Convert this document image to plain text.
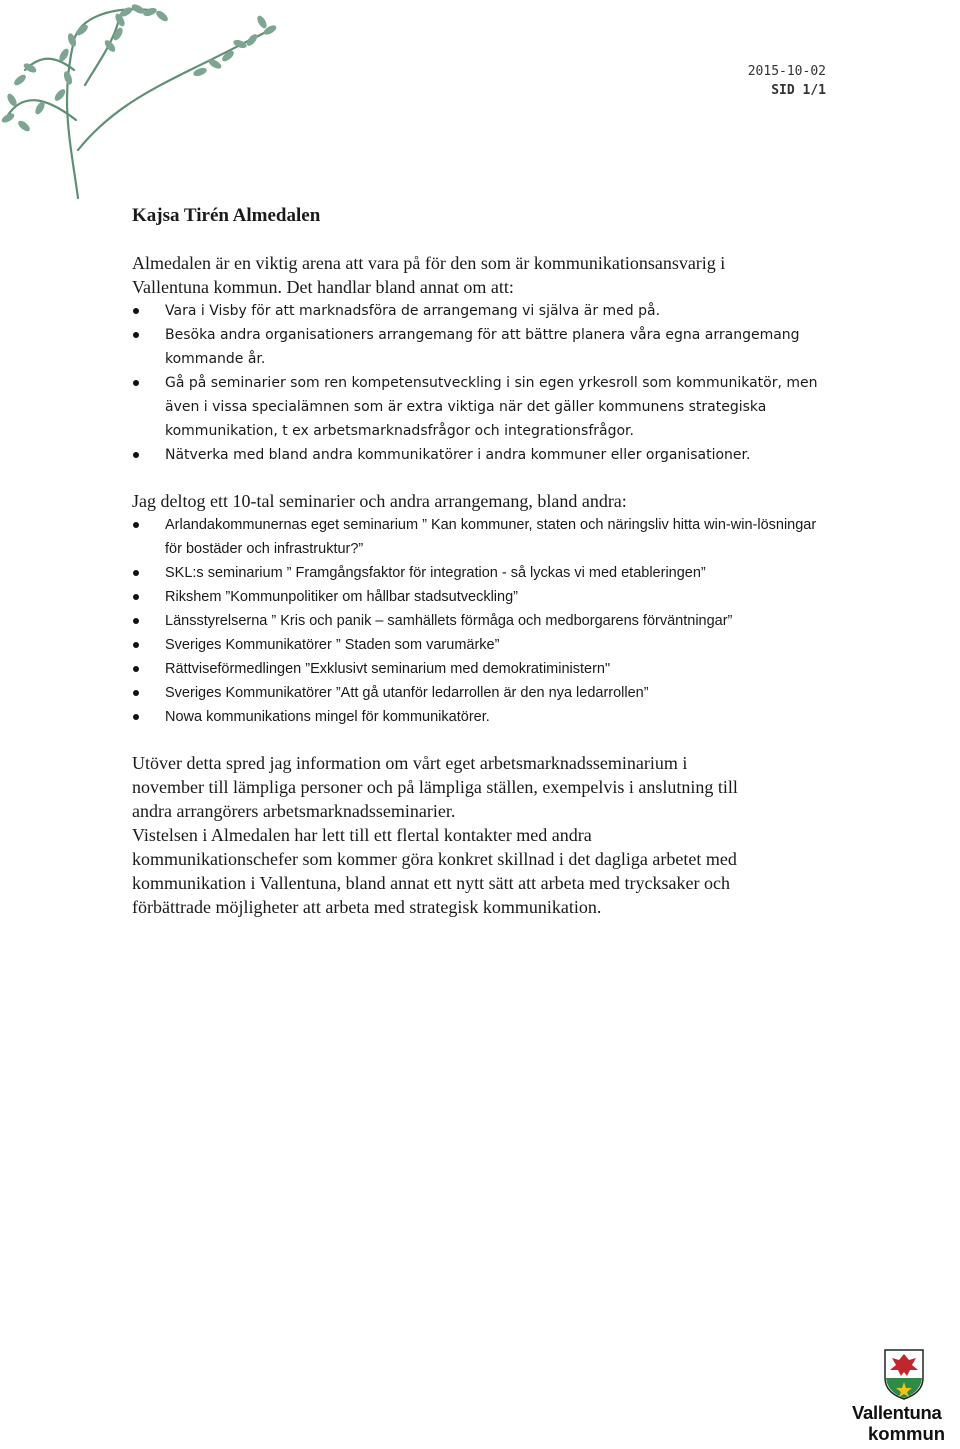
2015-10-02
SID 1/1
Kajsa Tirén Almedalen

Almedalen är en viktig arena att vara på för den som är kommunikationsansvarig i
Vallentuna kommun. Det handlar bland annat om att:

Vara i Visby för att marknadsföra de arrangemang vi själva är med på.
Besöka andra organisationers arrangemang för att bättre planera våra egna arrangemang kommande år.
Gå på seminarier som ren kompetensutveckling i sin egen yrkesroll som kommunikatör, men även i vissa specialämnen som är extra viktiga när det gäller kommunens strategiska kommunikation, t ex arbetsmarknadsfrågor och integrationsfrågor.
Nätverka med bland andra kommunikatörer i andra kommuner eller organisationer.

Jag deltog ett 10-tal seminarier och andra arrangemang, bland andra:

Arlandakommunernas eget seminarium ” Kan kommuner, staten och näringsliv hitta win-win-lösningar för bostäder och infrastruktur?”
SKL:s seminarium ” Framgångsfaktor för integration - så lyckas vi med etableringen”
Rikshem ”Kommunpolitiker om hållbar stadsutveckling”
Länsstyrelserna ” Kris och panik – samhällets förmåga och medborgarens förväntningar”
Sveriges Kommunikatörer ” Staden som varumärke”
Rättviseförmedlingen ”Exklusivt seminarium med demokratiministern"
Sveriges Kommunikatörer ”Att gå utanför ledarrollen är den nya ledarrollen”
Nowa kommunikations mingel för kommunikatörer.

Utöver detta spred jag information om vårt eget arbetsmarknadsseminarium i
november till lämpliga personer och på lämpliga ställen, exempelvis i anslutning till
andra arrangörers arbetsmarknadsseminarier.

Vistelsen i Almedalen har lett till ett flertal kontakter med andra
kommunikationschefer som kommer göra konkret skillnad i det dagliga arbetet med
kommunikation i Vallentuna, bland annat ett nytt sätt att arbeta med trycksaker och
förbättrade möjligheter att arbeta med strategisk kommunikation.

Vallentuna
kommun
